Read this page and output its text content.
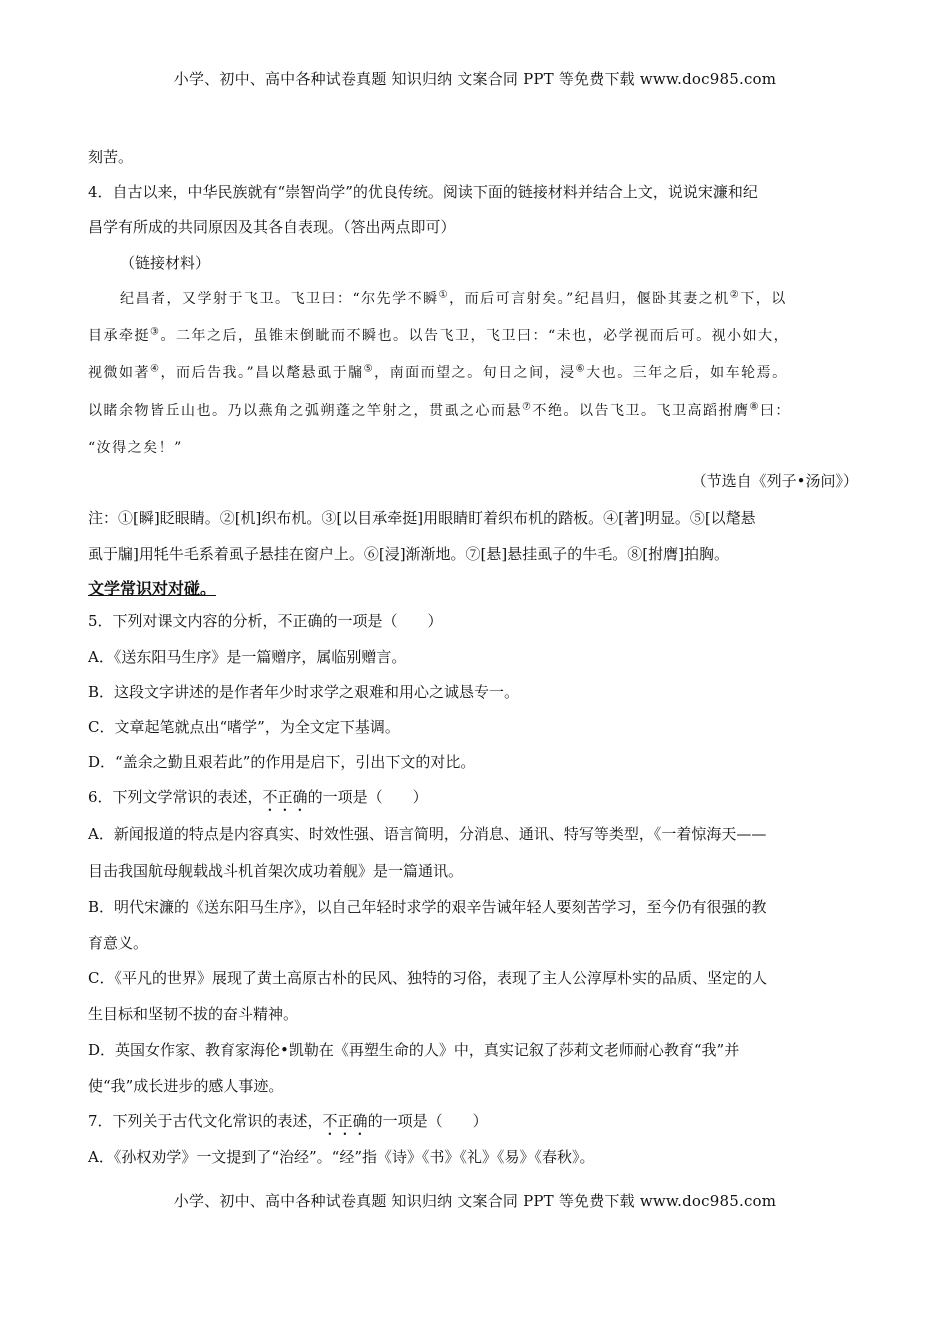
小学、初中、高中各种试卷真题 知识归纳 文案合同 PPT 等免费下载 www.doc985.com
刻苦。
4．自古以来，中华民族就有“崇智尚学”的优良传统。阅读下面的链接材料并结合上文，说说宋濂和纪
昌学有所成的共同原因及其各自表现。（答出两点即可）
（链接材料）
纪昌者，又学射于飞卫。飞卫曰：“尔先学不瞬①，而后可言射矣。”纪昌归，偃卧其妻之机②下，以
目承牵挺③。二年之后，虽锥末倒眦而不瞬也。以告飞卫，飞卫曰：“未也，必学视而后可。视小如大，
视微如著④，而后告我。”昌以氂悬虱于牖⑤，南面而望之。旬日之间，浸⑥大也。三年之后，如车轮焉。
以睹余物皆丘山也。乃以燕角之弧朔蓬之竿射之，贯虱之心而悬⑦不绝。以告飞卫。飞卫高蹈拊膺⑧曰：
“汝得之矣！”
（节选自《列子•汤问》）
注：①[瞬]眨眼睛。②[机]织布机。③[以目承牵挺]用眼睛盯着织布机的踏板。④[著]明显。⑤[以氂悬
虱于牖]用牦牛毛系着虱子悬挂在窗户上。⑥[浸]渐渐地。⑦[悬]悬挂虱子的牛毛。⑧[拊膺]拍胸。
文学常识对对碰。
5．下列对课文内容的分析，不正确的一项是（　　）
A．《送东阳马生序》是一篇赠序，属临别赠言。
B．这段文字讲述的是作者年少时求学之艰难和用心之诚恳专一。
C．文章起笔就点出“嗜学”，为全文定下基调。
D．“盖余之勤且艰若此”的作用是启下，引出下文的对比。
6．下列文学常识的表述，不正确的一项是（　　）
A．新闻报道的特点是内容真实、时效性强、语言简明，分消息、通讯、特写等类型，《一着惊海天——
目击我国航母舰载战斗机首架次成功着舰》是一篇通讯。
B．明代宋濂的《送东阳马生序》，以自己年轻时求学的艰辛告诫年轻人要刻苦学习，至今仍有很强的教
育意义。
C．《平凡的世界》展现了黄土高原古朴的民风、独特的习俗，表现了主人公淳厚朴实的品质、坚定的人
生目标和坚韧不拔的奋斗精神。
D．英国女作家、教育家海伦•凯勒在《再塑生命的人》中，真实记叙了莎莉文老师耐心教育“我”并
使“我”成长进步的感人事迹。
7．下列关于古代文化常识的表述，不正确的一项是（　　）
A．《孙权劝学》一文提到了“治经”。“经”指《诗》《书》《礼》《易》《春秋》。
小学、初中、高中各种试卷真题 知识归纳 文案合同 PPT 等免费下载 www.doc985.com
